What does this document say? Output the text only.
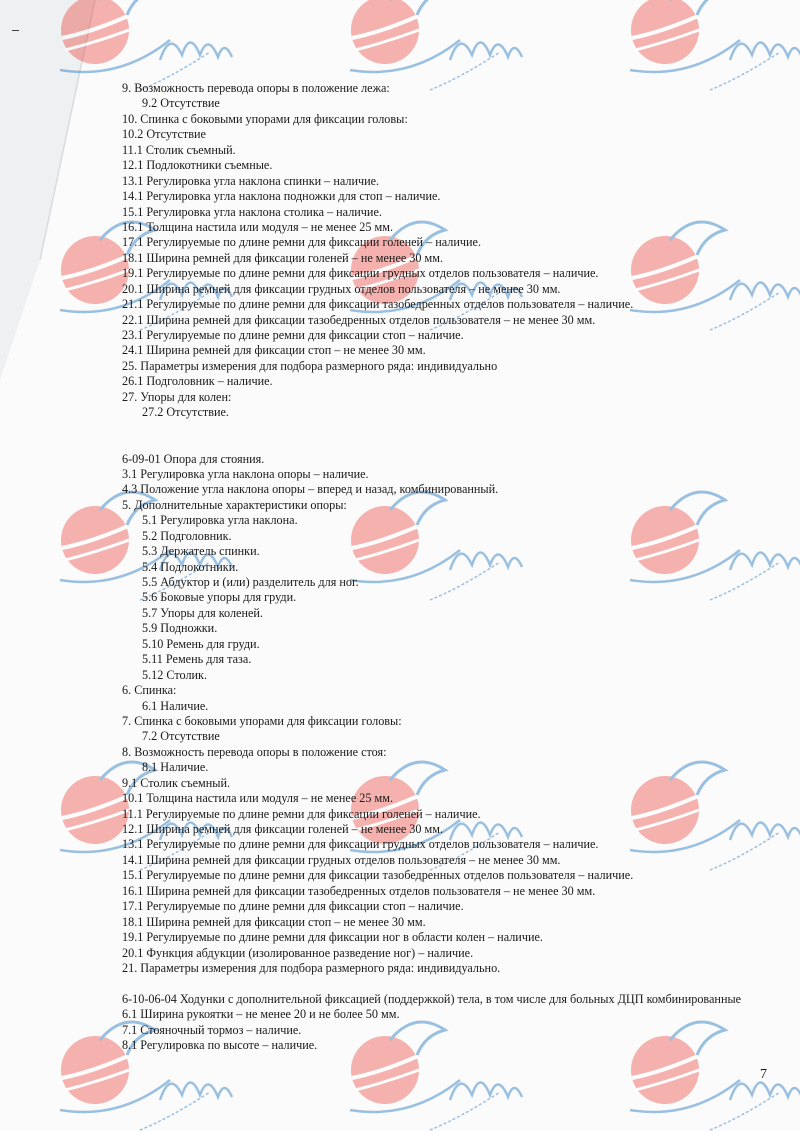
9. Возможность перевода опоры в положение лежа:
9.2 Отсутствие
10. Спинка с боковыми упорами для фиксации головы:
10.2 Отсутствие
11.1 Столик съемный.
12.1 Подлокотники съемные.
13.1 Регулировка угла наклона спинки – наличие.
14.1 Регулировка угла наклона подножки для стоп – наличие.
15.1 Регулировка угла наклона столика – наличие.
16.1 Толщина настила или модуля – не менее 25 мм.
17.1 Регулируемые по длине ремни для фиксации голеней – наличие.
18.1 Ширина ремней для фиксации голеней – не менее 30 мм.
19.1 Регулируемые по длине ремни для фиксации грудных отделов пользователя – наличие.
20.1 Ширина ремней для фиксации грудных отделов пользователя – не менее 30 мм.
21.1 Регулируемые по длине ремни для фиксации тазобедренных отделов пользователя – наличие.
22.1 Ширина ремней для фиксации тазобедренных отделов пользователя – не менее 30 мм.
23.1 Регулируемые по длине ремни для фиксации стоп – наличие.
24.1 Ширина ремней для фиксации стоп – не менее 30 мм.
25. Параметры измерения для подбора размерного ряда: индивидуально
26.1 Подголовник – наличие.
27. Упоры для колен:
27.2 Отсутствие.
6-09-01 Опора для стояния.
3.1 Регулировка угла наклона опоры – наличие.
4.3 Положение угла наклона опоры – вперед и назад, комбинированный.
5. Дополнительные характеристики опоры:
5.1 Регулировка угла наклона.
5.2 Подголовник.
5.3 Держатель спинки.
5.4 Подлокотники.
5.5 Абдуктор и (или) разделитель для ног.
5.6 Боковые упоры для груди.
5.7 Упоры для коленей.
5.9 Подножки.
5.10 Ремень для груди.
5.11 Ремень для таза.
5.12 Столик.
6. Спинка:
6.1 Наличие.
7. Спинка с боковыми упорами для фиксации головы:
7.2 Отсутствие
8. Возможность перевода опоры в положение стоя:
8.1 Наличие.
9.1 Столик съемный.
10.1 Толщина настила или модуля – не менее 25 мм.
11.1 Регулируемые по длине ремни для фиксации голеней – наличие.
12.1 Ширина ремней для фиксации голеней – не менее 30 мм.
13.1 Регулируемые по длине ремни для фиксации грудных отделов пользователя – наличие.
14.1 Ширина ремней для фиксации грудных отделов пользователя – не менее 30 мм.
15.1 Регулируемые по длине ремни для фиксации тазобедренных отделов пользователя – наличие.
16.1 Ширина ремней для фиксации тазобедренных отделов пользователя – не менее 30 мм.
17.1 Регулируемые по длине ремни для фиксации стоп – наличие.
18.1 Ширина ремней для фиксации стоп – не менее 30 мм.
19.1 Регулируемые по длине ремни для фиксации ног в области колен – наличие.
20.1 Функция абдукции (изолированное разведение ног) – наличие.
21. Параметры измерения для подбора размерного ряда: индивидуально.
6-10-06-04 Ходунки с дополнительной фиксацией (поддержкой) тела, в том числе для больных ДЦП комбинированные
6.1 Ширина рукоятки – не менее 20 и не более 50 мм.
7.1 Стояночный тормоз – наличие.
8.1 Регулировка по высоте – наличие.
7
